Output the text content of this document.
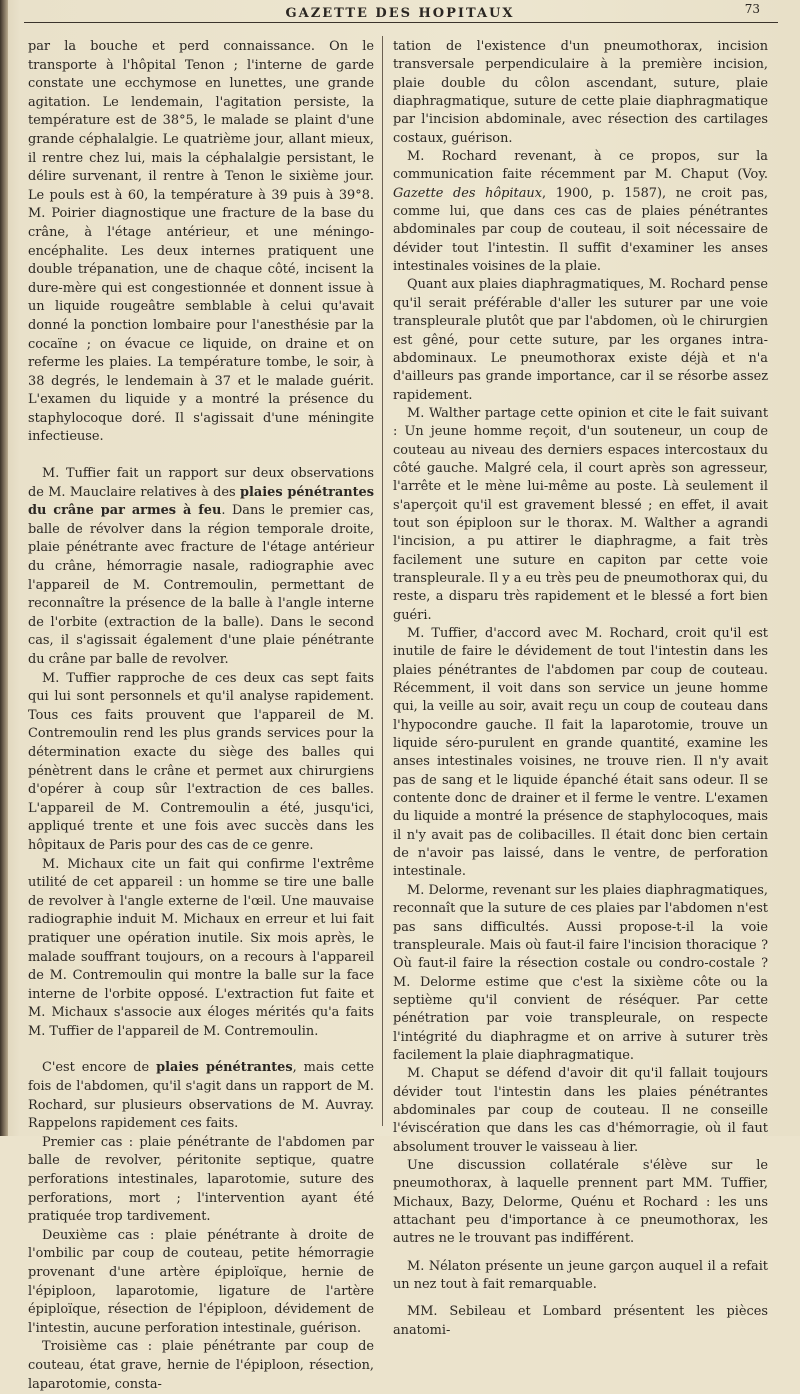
GAZETTE DES HOPITAUX	73

par la bouche et perd connaissance. On le transporte à l'hôpital Tenon ; l'interne de garde constate une ecchymose en lunettes, une grande agitation. Le lendemain, l'agitation persiste, la température est de 38°5, le malade se plaint d'une grande céphalalgie. Le quatrième jour, allant mieux, il rentre chez lui, mais la céphalalgie persistant, le délire survenant, il rentre à Tenon le sixième jour. Le pouls est à 60, la température à 39 puis à 39°8. M. Poirier diagnostique une fracture de la base du crâne, à l'étage antérieur, et une méningo-encéphalite. Les deux internes pratiquent une double trépanation, une de chaque côté, incisent la dure-mère qui est congestionnée et donnent issue à un liquide rougeâtre semblable à celui qu'avait donné la ponction lombaire pour l'anesthésie par la cocaïne ; on évacue ce liquide, on draine et on referme les plaies. La température tombe, le soir, à 38 degrés, le lendemain à 37 et le malade guérit. L'examen du liquide y a montré la présence du staphylocoque doré. Il s'agissait d'une méningite infectieuse.

M. Tuffier fait un rapport sur deux observations de M. Mauclaire relatives à des plaies pénétrantes du crâne par armes à feu. Dans le premier cas, balle de révolver dans la région temporale droite, plaie pénétrante avec fracture de l'étage antérieur du crâne, hémorragie nasale, radiographie avec l'appareil de M. Contremoulin, permettant de reconnaître la présence de la balle à l'angle interne de l'orbite (extraction de la balle). Dans le second cas, il s'agissait également d'une plaie pénétrante du crâne par balle de revolver.

M. Tuffier rapproche de ces deux cas sept faits qui lui sont personnels et qu'il analyse rapidement. Tous ces faits prouvent que l'appareil de M. Contremoulin rend les plus grands services pour la détermination exacte du siège des balles qui pénètrent dans le crâne et permet aux chirurgiens d'opérer à coup sûr l'extraction de ces balles. L'appareil de M. Contremoulin a été, jusqu'ici, appliqué trente et une fois avec succès dans les hôpitaux de Paris pour des cas de ce genre.

M. Michaux cite un fait qui confirme l'extrême utilité de cet appareil : un homme se tire une balle de revolver à l'angle externe de l'œil. Une mauvaise radiographie induit M. Michaux en erreur et lui fait pratiquer une opération inutile. Six mois après, le malade souffrant toujours, on a recours à l'appareil de M. Contremoulin qui montre la balle sur la face interne de l'orbite opposé. L'extraction fut faite et M. Michaux s'associe aux éloges mérités qu'a faits M. Tuffier de l'appareil de M. Contremoulin.

C'est encore de plaies pénétrantes, mais cette fois de l'abdomen, qu'il s'agit dans un rapport de M. Rochard, sur plusieurs observations de M. Auvray. Rappelons rapidement ces faits.

Premier cas : plaie pénétrante de l'abdomen par balle de revolver, péritonite septique, quatre perforations intestinales, laparotomie, suture des perforations, mort ; l'intervention ayant été pratiquée trop tardivement.

Deuxième cas : plaie pénétrante à droite de l'ombilic par coup de couteau, petite hémorragie provenant d'une artère épiploïque, hernie de l'épiploon, laparotomie, ligature de l'artère épiploïque, résection de l'épiploon, dévidement de l'intestin, aucune perforation intestinale, guérison.

Troisième cas : plaie pénétrante par coup de couteau, état grave, hernie de l'épiploon, résection, laparotomie, consta-

tation de l'existence d'un pneumothorax, incision transversale perpendiculaire à la première incision, plaie double du côlon ascendant, suture, plaie diaphragmatique, suture de cette plaie diaphragmatique par l'incision abdominale, avec résection des cartilages costaux, guérison.

M. Rochard revenant, à ce propos, sur la communication faite récemment par M. Chaput (Voy. Gazette des hôpitaux, 1900, p. 1587), ne croit pas, comme lui, que dans ces cas de plaies pénétrantes abdominales par coup de couteau, il soit nécessaire de dévider tout l'intestin. Il suffit d'examiner les anses intestinales voisines de la plaie.

Quant aux plaies diaphragmatiques, M. Rochard pense qu'il serait préférable d'aller les suturer par une voie transpleurale plutôt que par l'abdomen, où le chirurgien est gêné, pour cette suture, par les organes intra-abdominaux. Le pneumothorax existe déjà et n'a d'ailleurs pas grande importance, car il se résorbe assez rapidement.

M. Walther partage cette opinion et cite le fait suivant : Un jeune homme reçoit, d'un souteneur, un coup de couteau au niveau des derniers espaces intercostaux du côté gauche. Malgré cela, il court après son agresseur, l'arrête et le mène lui-même au poste. Là seulement il s'aperçoit qu'il est gravement blessé ; en effet, il avait tout son épiploon sur le thorax. M. Walther a agrandi l'incision, a pu attirer le diaphragme, a fait très facilement une suture en capiton par cette voie transpleurale. Il y a eu très peu de pneumothorax qui, du reste, a disparu très rapidement et le blessé a fort bien guéri.

M. Tuffier, d'accord avec M. Rochard, croit qu'il est inutile de faire le dévidement de tout l'intestin dans les plaies pénétrantes de l'abdomen par coup de couteau. Récemment, il voit dans son service un jeune homme qui, la veille au soir, avait reçu un coup de couteau dans l'hypocondre gauche. Il fait la laparotomie, trouve un liquide séro-purulent en grande quantité, examine les anses intestinales voisines, ne trouve rien. Il n'y avait pas de sang et le liquide épanché était sans odeur. Il se contente donc de drainer et il ferme le ventre. L'examen du liquide a montré la présence de staphylocoques, mais il n'y avait pas de colibacilles. Il était donc bien certain de n'avoir pas laissé, dans le ventre, de perforation intestinale.

M. Delorme, revenant sur les plaies diaphragmatiques, reconnaît que la suture de ces plaies par l'abdomen n'est pas sans difficultés. Aussi propose-t-il la voie transpleurale. Mais où faut-il faire l'incision thoracique ? Où faut-il faire la résection costale ou condro-costale ? M. Delorme estime que c'est la sixième côte ou la septième qu'il convient de réséquer. Par cette pénétration par voie transpleurale, on respecte l'intégrité du diaphragme et on arrive à suturer très facilement la plaie diaphragmatique.

M. Chaput se défend d'avoir dit qu'il fallait toujours dévider tout l'intestin dans les plaies pénétrantes abdominales par coup de couteau. Il ne conseille l'éviscération que dans les cas d'hémorragie, où il faut absolument trouver le vaisseau à lier.

Une discussion collatérale s'élève sur le pneumothorax, à laquelle prennent part MM. Tuffier, Michaux, Bazy, Delorme, Quénu et Rochard : les uns attachant peu d'importance à ce pneumothorax, les autres ne le trouvant pas indifférent.

M. Nélaton présente un jeune garçon auquel il a refait un nez tout à fait remarquable.

MM. Sebileau et Lombard présentent les pièces anatomi-
